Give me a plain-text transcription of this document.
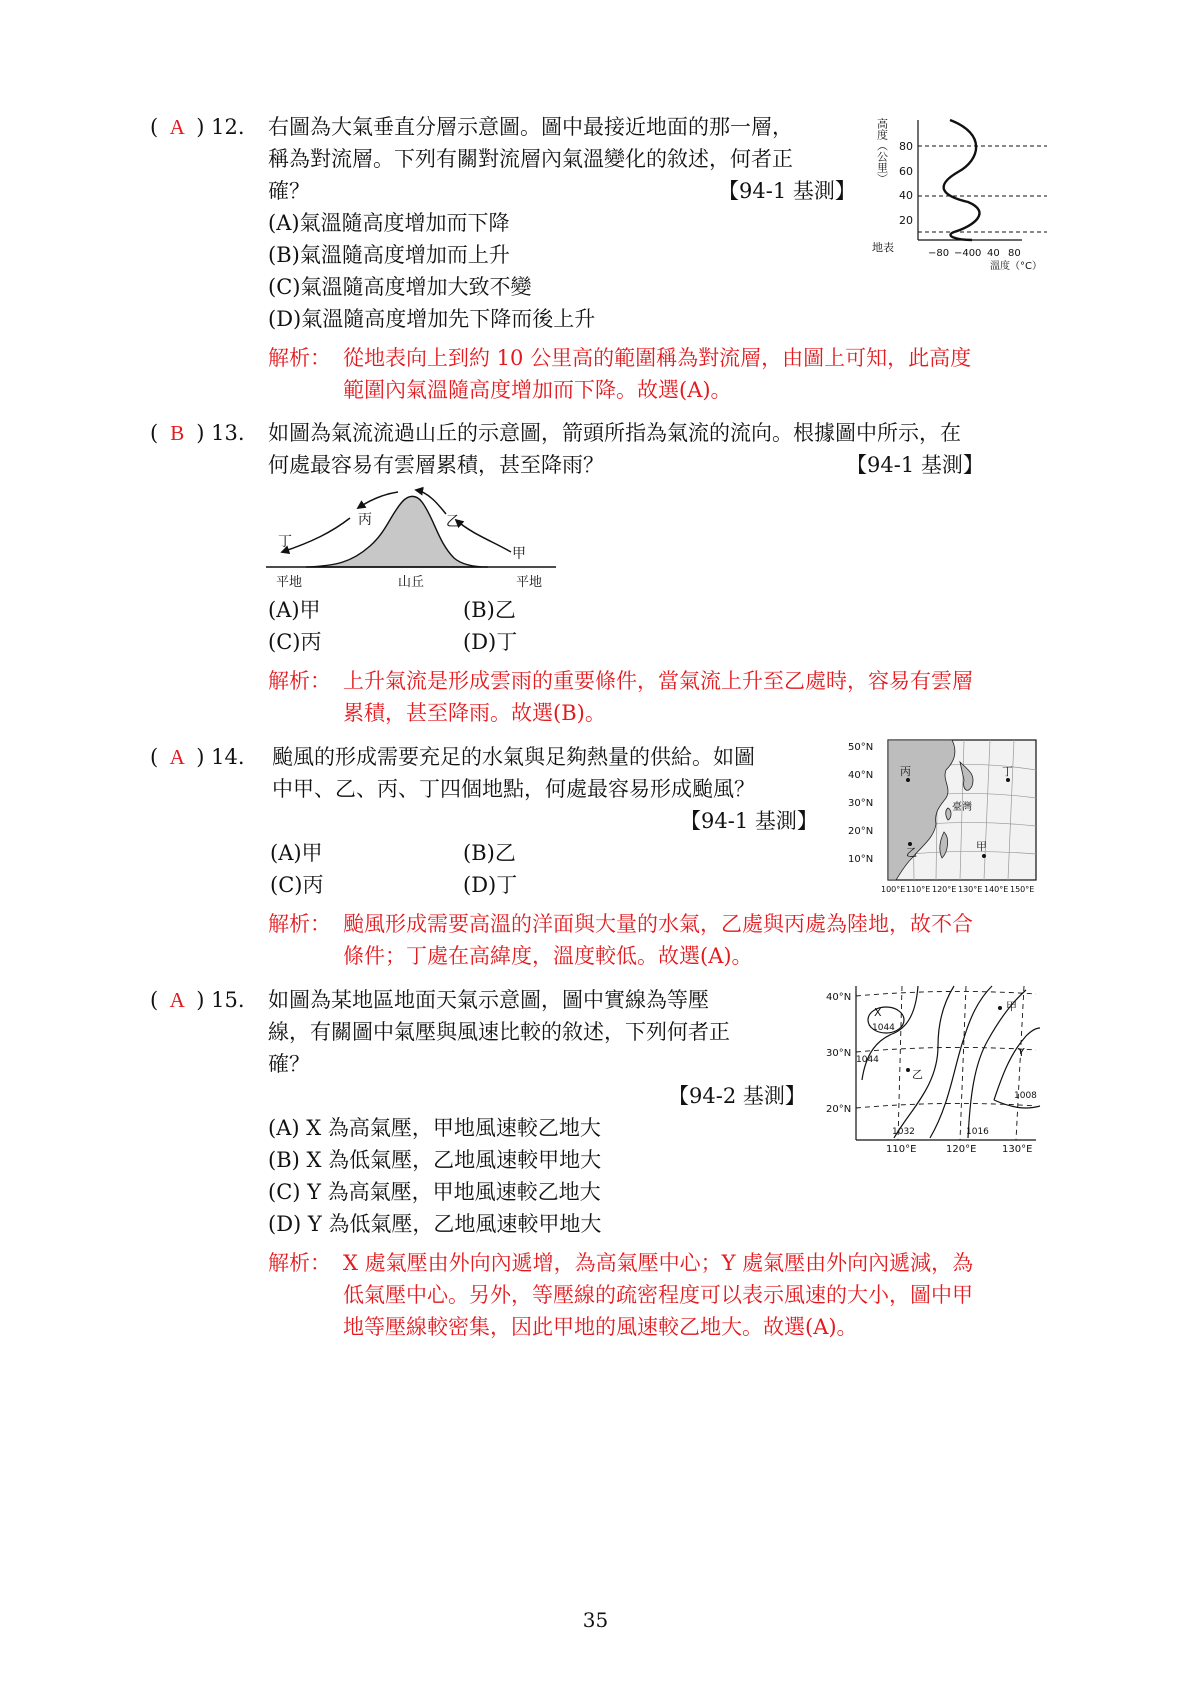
( A ) 12. 右圖為大氣垂直分層示意圖。圖中最接近地面的那一層，
稱為對流層。下列有關對流層內氣溫變化的敘述，何者正
確？	【94-1 基測】
(A)氣溫隨高度增加而下降
(B)氣溫隨高度增加而上升
(C)氣溫隨高度增加大致不變
(D)氣溫隨高度增加先下降而後上升
解析： 從地表向上到約 10 公里高的範圍稱為對流層，由圖上可知，此高度
範圍內氣溫隨高度增加而下降。故選(A)。
高度（公里） 80
60
40
20
地表	−80 −40 0 40 80
溫度（°C）
( B ) 13. 如圖為氣流流過山丘的示意圖，箭頭所指為氣流的流向。根據圖中所示，在
何處最容易有雲層累積，甚至降雨？	【94-1 基測】
丁
丙	乙
甲
平地	山丘	平地
(A)甲	(B)乙
(C)丙	(D)丁
解析： 上升氣流是形成雲雨的重要條件，當氣流上升至乙處時，容易有雲層
累積，甚至降雨。故選(B)。
( A ) 14. 颱風的形成需要充足的水氣與足夠熱量的供給。如圖
中甲、乙、丙、丁四個地點，何處最容易形成颱風？
【94-1 基測】
(A)甲	(B)乙
(C)丙	(D)丁
50°N
40°N
30°N
20°N
10°N
丙	丁
乙	甲
臺灣
100°E 110°E 120°E 130°E 140°E 150°E
解析： 颱風形成需要高溫的洋面與大量的水氣，乙處與丙處為陸地，故不合
條件；丁處在高緯度，溫度較低。故選(A)。
( A ) 15. 如圖為某地區地面天氣示意圖，圖中實線為等壓
線，有關圖中氣壓與風速比較的敘述，下列何者正
確？
【94-2 基測】
(A) X 為高氣壓，甲地風速較乙地大
(B) X 為低氣壓，乙地風速較甲地大
(C) Y 為高氣壓，甲地風速較乙地大
(D) Y 為低氣壓，乙地風速較甲地大
40°N
30°N
20°N
X
1044
1044
1032	1016
1008
Y
甲
乙
110°E	120°E	130°E
解析： X 處氣壓由外向內遞增，為高氣壓中心；Y 處氣壓由外向內遞減，為
低氣壓中心。另外，等壓線的疏密程度可以表示風速的大小，圖中甲
地等壓線較密集，因此甲地的風速較乙地大。故選(A)。
35
